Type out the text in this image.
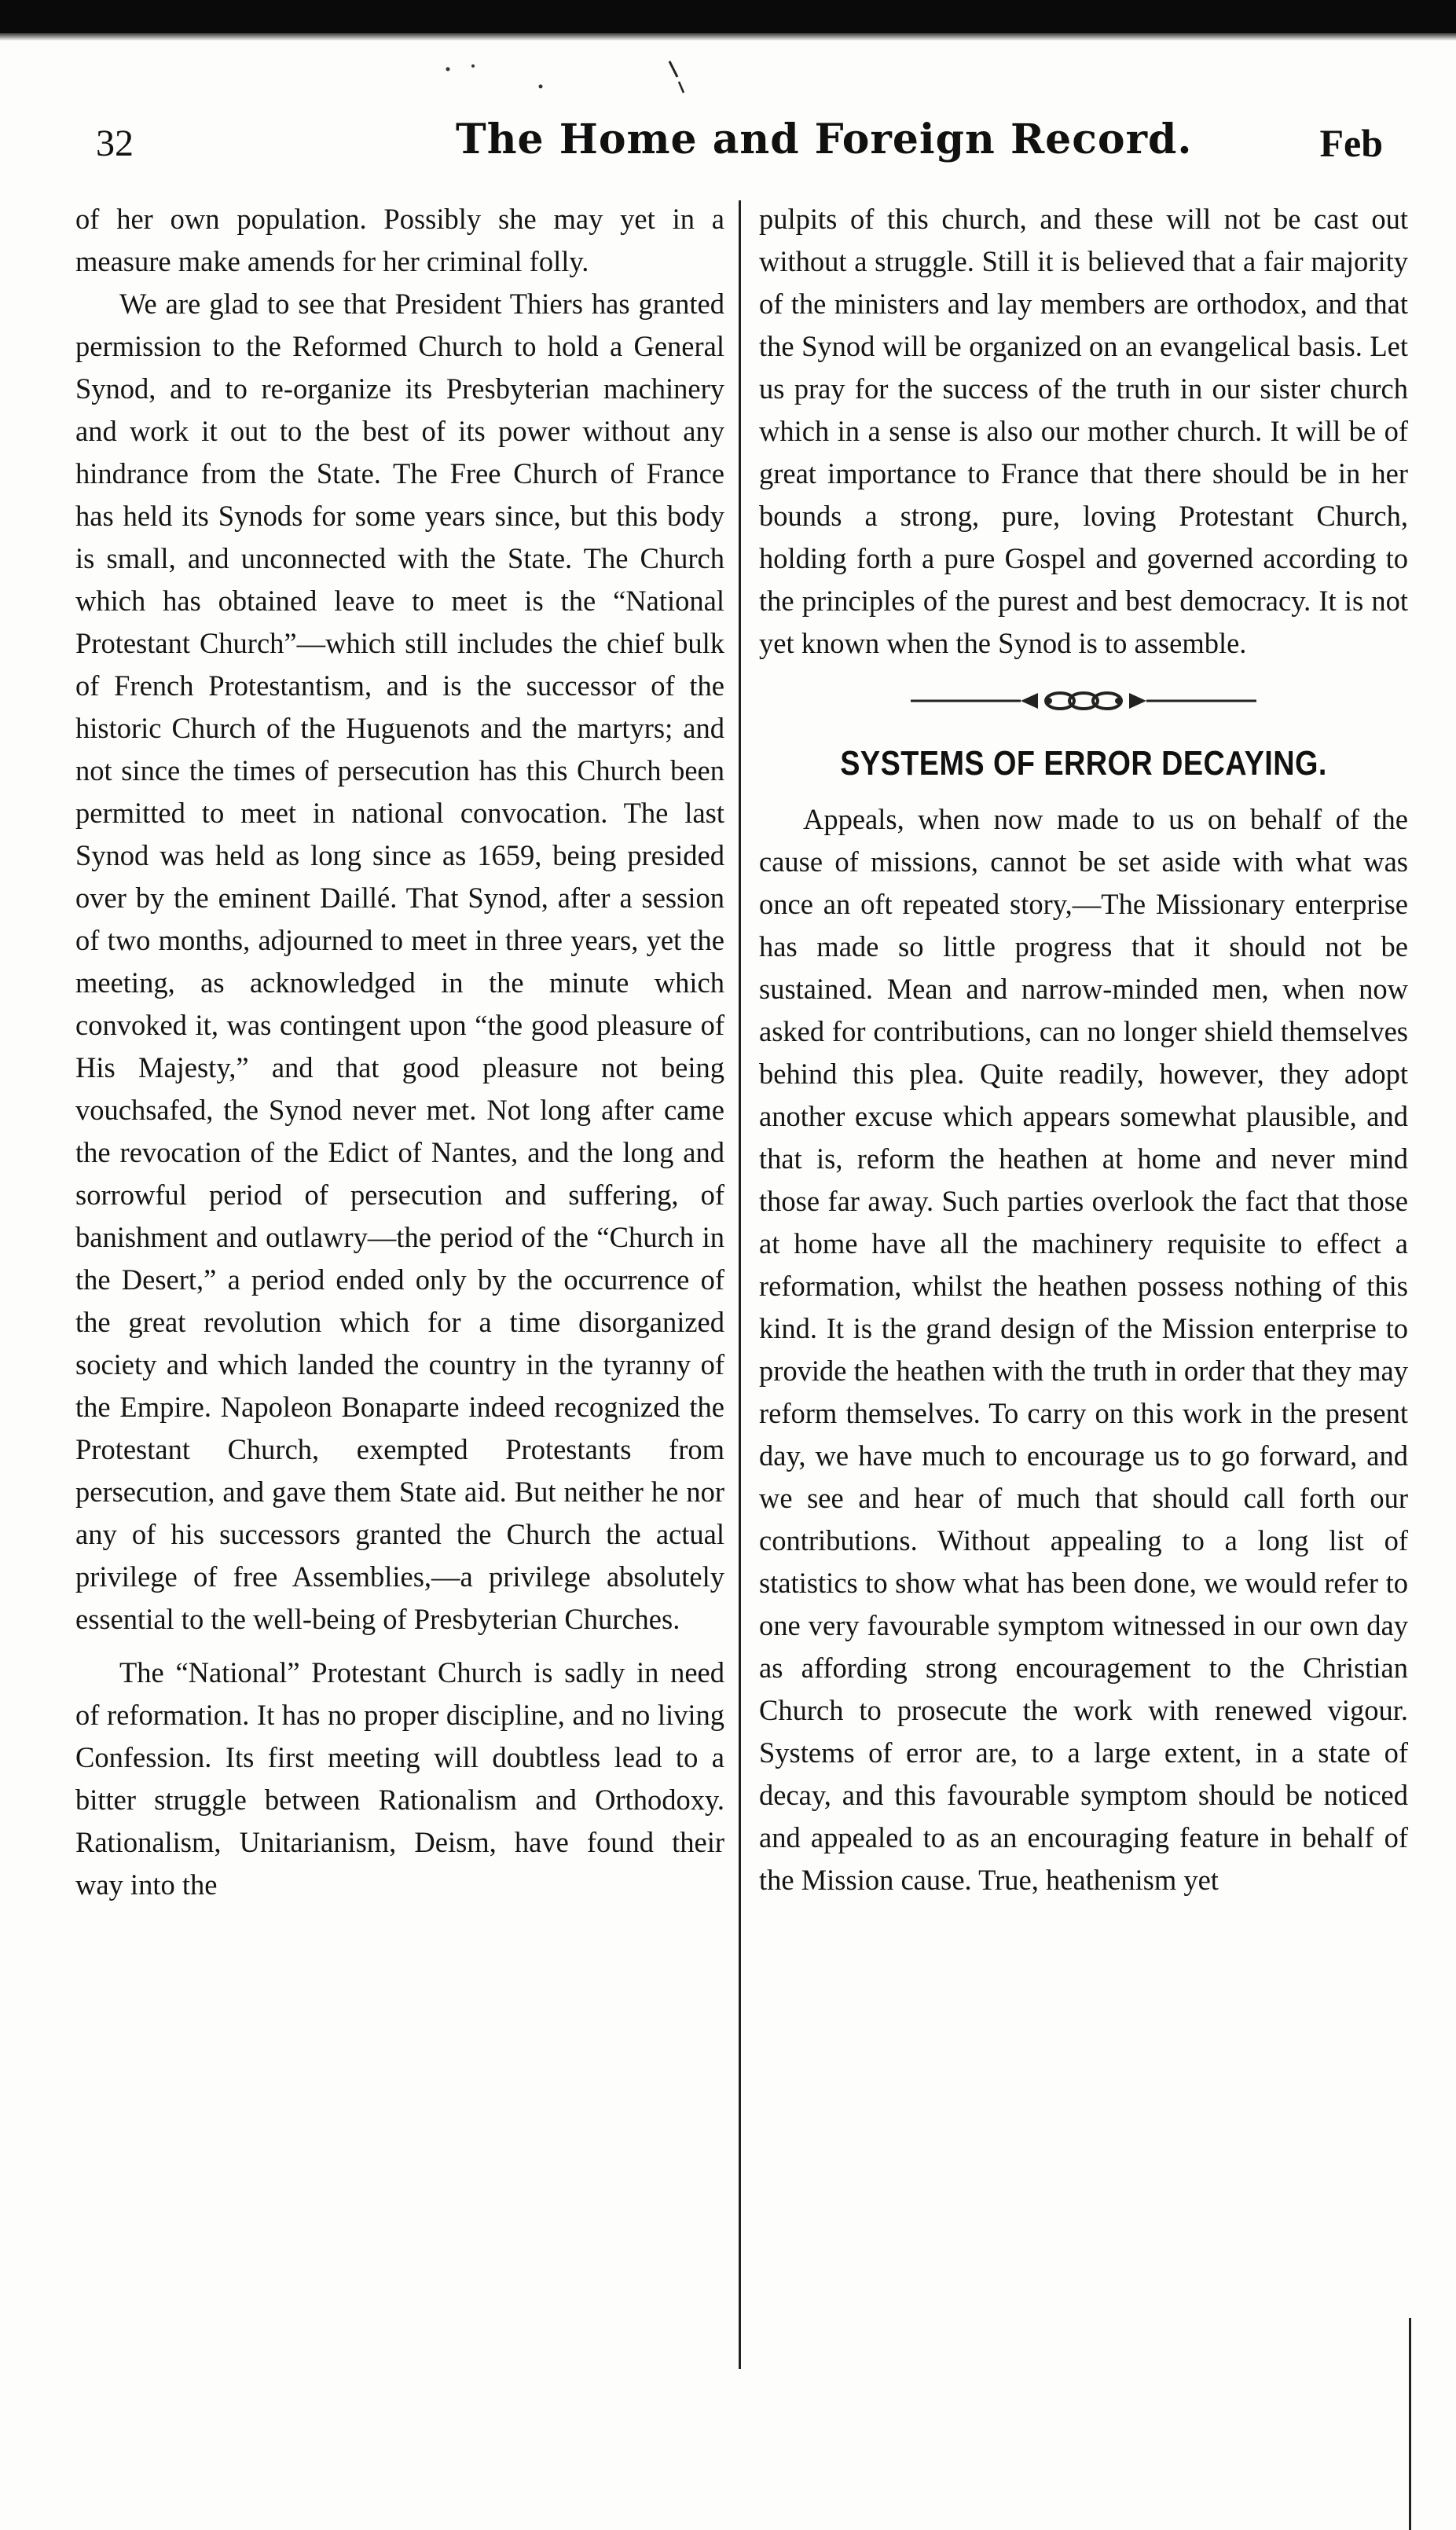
32	The Home and Foreign Record.	Feb

of her own population. Possibly she may yet in a measure make amends for her criminal folly.

We are glad to see that President Thiers has granted permission to the Reformed Church to hold a General Synod, and to re-organize its Presbyterian machinery and work it out to the best of its power without any hindrance from the State. The Free Church of France has held its Synods for some years since, but this body is small, and unconnected with the State. The Church which has obtained leave to meet is the “National Protestant Church”—which still includes the chief bulk of French Protestantism, and is the successor of the historic Church of the Huguenots and the martyrs; and not since the times of persecution has this Church been permitted to meet in national convocation. The last Synod was held as long since as 1659, being presided over by the eminent Daillé. That Synod, after a session of two months, adjourned to meet in three years, yet the meeting, as acknowledged in the minute which convoked it, was contingent upon “the good pleasure of His Majesty,” and that good pleasure not being vouchsafed, the Synod never met. Not long after came the revocation of the Edict of Nantes, and the long and sorrowful period of persecution and suffering, of banishment and outlawry—the period of the “Church in the Desert,” a period ended only by the occurrence of the great revolution which for a time disorganized society and which landed the country in the tyranny of the Empire. Napoleon Bonaparte indeed recognized the Protestant Church, exempted Protestants from persecution, and gave them State aid. But neither he nor any of his successors granted the Church the actual privilege of free Assemblies,—a privilege absolutely essential to the well-being of Presbyterian Churches.

The “National” Protestant Church is sadly in need of reformation. It has no proper discipline, and no living Confession. Its first meeting will doubtless lead to a bitter struggle between Rationalism and Orthodoxy. Rationalism, Unitarianism, Deism, have found their way into the

pulpits of this church, and these will not be cast out without a struggle. Still it is believed that a fair majority of the ministers and lay members are orthodox, and that the Synod will be organized on an evangelical basis. Let us pray for the success of the truth in our sister church which in a sense is also our mother church. It will be of great importance to France that there should be in her bounds a strong, pure, loving Protestant Church, holding forth a pure Gospel and governed according to the principles of the purest and best democracy. It is not yet known when the Synod is to assemble.

SYSTEMS OF ERROR DECAYING.

Appeals, when now made to us on behalf of the cause of missions, cannot be set aside with what was once an oft repeated story,—The Missionary enterprise has made so little progress that it should not be sustained. Mean and narrow-minded men, when now asked for contributions, can no longer shield themselves behind this plea. Quite readily, however, they adopt another excuse which appears somewhat plausible, and that is, reform the heathen at home and never mind those far away. Such parties overlook the fact that those at home have all the machinery requisite to effect a reformation, whilst the heathen possess nothing of this kind. It is the grand design of the Mission enterprise to provide the heathen with the truth in order that they may reform themselves. To carry on this work in the present day, we have much to encourage us to go forward, and we see and hear of much that should call forth our contributions. Without appealing to a long list of statistics to show what has been done, we would refer to one very favourable symptom witnessed in our own day as affording strong encouragement to the Christian Church to prosecute the work with renewed vigour. Systems of error are, to a large extent, in a state of decay, and this favourable symptom should be noticed and appealed to as an encouraging feature in behalf of the Mission cause. True, heathenism yet
